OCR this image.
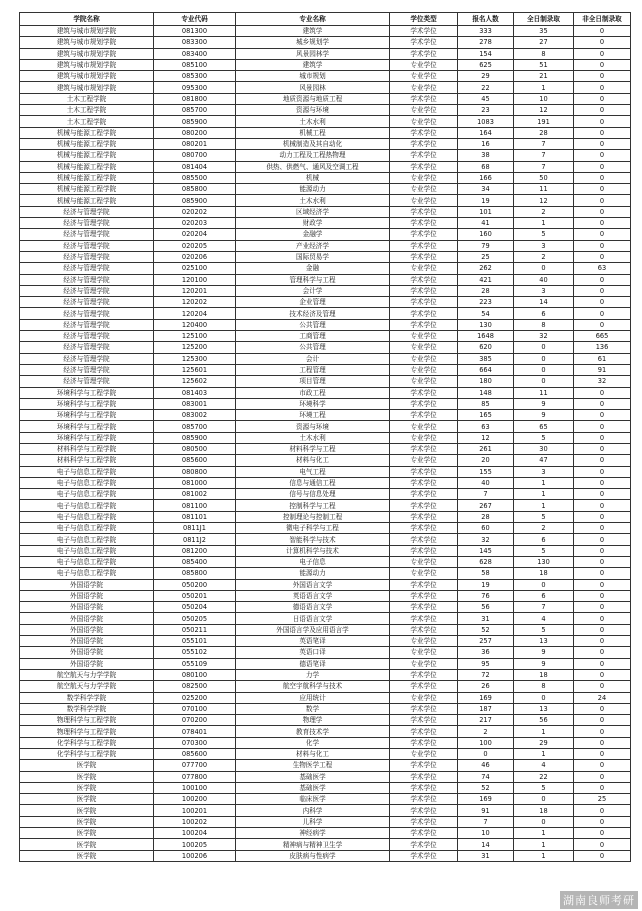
学院名称	专业代码	专业名称	学位类型	报名人数	全日制录取	非全日制录取
建筑与城市规划学院	081300	建筑学	学术学位	333	35	0
建筑与城市规划学院	083300	城乡规划学	学术学位	278	27	0
建筑与城市规划学院	083400	风景园林学	学术学位	154	8	0
建筑与城市规划学院	085100	建筑学	专业学位	625	51	0
建筑与城市规划学院	085300	城市规划	专业学位	29	21	0
建筑与城市规划学院	095300	风景园林	专业学位	22	1	0
土木工程学院	081800	地质资源与地质工程	学术学位	45	10	0
土木工程学院	085700	资源与环境	专业学位	23	12	0
土木工程学院	085900	土木水利	专业学位	1083	191	0
机械与能源工程学院	080200	机械工程	学术学位	164	28	0
机械与能源工程学院	080201	机械制造及其自动化	学术学位	16	7	0
机械与能源工程学院	080700	动力工程及工程热物理	学术学位	38	7	0
机械与能源工程学院	081404	供热、供燃气、通风及空调工程	学术学位	68	7	0
机械与能源工程学院	085500	机械	专业学位	166	50	0
机械与能源工程学院	085800	能源动力	专业学位	34	11	0
机械与能源工程学院	085900	土木水利	专业学位	19	12	0
经济与管理学院	020202	区域经济学	学术学位	101	2	0
经济与管理学院	020203	财政学	学术学位	41	1	0
经济与管理学院	020204	金融学	学术学位	160	5	0
经济与管理学院	020205	产业经济学	学术学位	79	3	0
经济与管理学院	020206	国际贸易学	学术学位	25	2	0
经济与管理学院	025100	金融	专业学位	262	0	63
经济与管理学院	120100	管理科学与工程	学术学位	421	40	0
经济与管理学院	120201	会计学	学术学位	28	3	0
经济与管理学院	120202	企业管理	学术学位	223	14	0
经济与管理学院	120204	技术经济及管理	学术学位	54	6	0
经济与管理学院	120400	公共管理	学术学位	130	8	0
经济与管理学院	125100	工商管理	专业学位	1648	32	665
经济与管理学院	125200	公共管理	专业学位	620	0	136
经济与管理学院	125300	会计	专业学位	385	0	61
经济与管理学院	125601	工程管理	专业学位	664	0	91
经济与管理学院	125602	项目管理	专业学位	180	0	32
环境科学与工程学院	081403	市政工程	学术学位	148	11	0
环境科学与工程学院	083001	环境科学	学术学位	85	9	0
环境科学与工程学院	083002	环境工程	学术学位	165	9	0
环境科学与工程学院	085700	资源与环境	专业学位	63	65	0
环境科学与工程学院	085900	土木水利	专业学位	12	5	0
材料科学与工程学院	080500	材料科学与工程	学术学位	261	30	0
材料科学与工程学院	085600	材料与化工	专业学位	20	47	0
电子与信息工程学院	080800	电气工程	学术学位	155	3	0
电子与信息工程学院	081000	信息与通信工程	学术学位	40	1	0
电子与信息工程学院	081002	信号与信息处理	学术学位	7	1	0
电子与信息工程学院	081100	控制科学与工程	学术学位	267	1	0
电子与信息工程学院	081101	控制理论与控制工程	学术学位	28	5	0
电子与信息工程学院	0811J1	微电子科学与工程	学术学位	60	2	0
电子与信息工程学院	0811J2	智能科学与技术	学术学位	32	6	0
电子与信息工程学院	081200	计算机科学与技术	学术学位	145	5	0
电子与信息工程学院	085400	电子信息	专业学位	628	130	0
电子与信息工程学院	085800	能源动力	专业学位	58	18	0
外国语学院	050200	外国语言文学	学术学位	19	0	0
外国语学院	050201	英语语言文学	学术学位	76	6	0
外国语学院	050204	德语语言文学	学术学位	56	7	0
外国语学院	050205	日语语言文学	学术学位	31	4	0
外国语学院	050211	外国语言学及应用语言学	学术学位	52	5	0
外国语学院	055101	英语笔译	专业学位	257	13	0
外国语学院	055102	英语口译	专业学位	36	9	0
外国语学院	055109	德语笔译	专业学位	95	9	0
航空航天与力学学院	080100	力学	学术学位	72	18	0
航空航天与力学学院	082500	航空宇航科学与技术	学术学位	26	8	0
数学科学学院	025200	应用统计	专业学位	169	0	24
数学科学学院	070100	数学	学术学位	187	13	0
物理科学与工程学院	070200	物理学	学术学位	217	56	0
物理科学与工程学院	078401	教育技术学	学术学位	2	1	0
化学科学与工程学院	070300	化学	学术学位	100	29	0
化学科学与工程学院	085600	材料与化工	专业学位	0	1	0
医学院	077700	生物医学工程	学术学位	46	4	0
医学院	077800	基础医学	学术学位	74	22	0
医学院	100100	基础医学	学术学位	52	5	0
医学院	100200	临床医学	学术学位	169	0	25
医学院	100201	内科学	学术学位	91	18	0
医学院	100202	儿科学	学术学位	7	0	0
医学院	100204	神经病学	学术学位	10	1	0
医学院	100205	精神病与精神卫生学	学术学位	14	1	0
医学院	100206	皮肤病与性病学	学术学位	31	1	0
湖南良师考研
